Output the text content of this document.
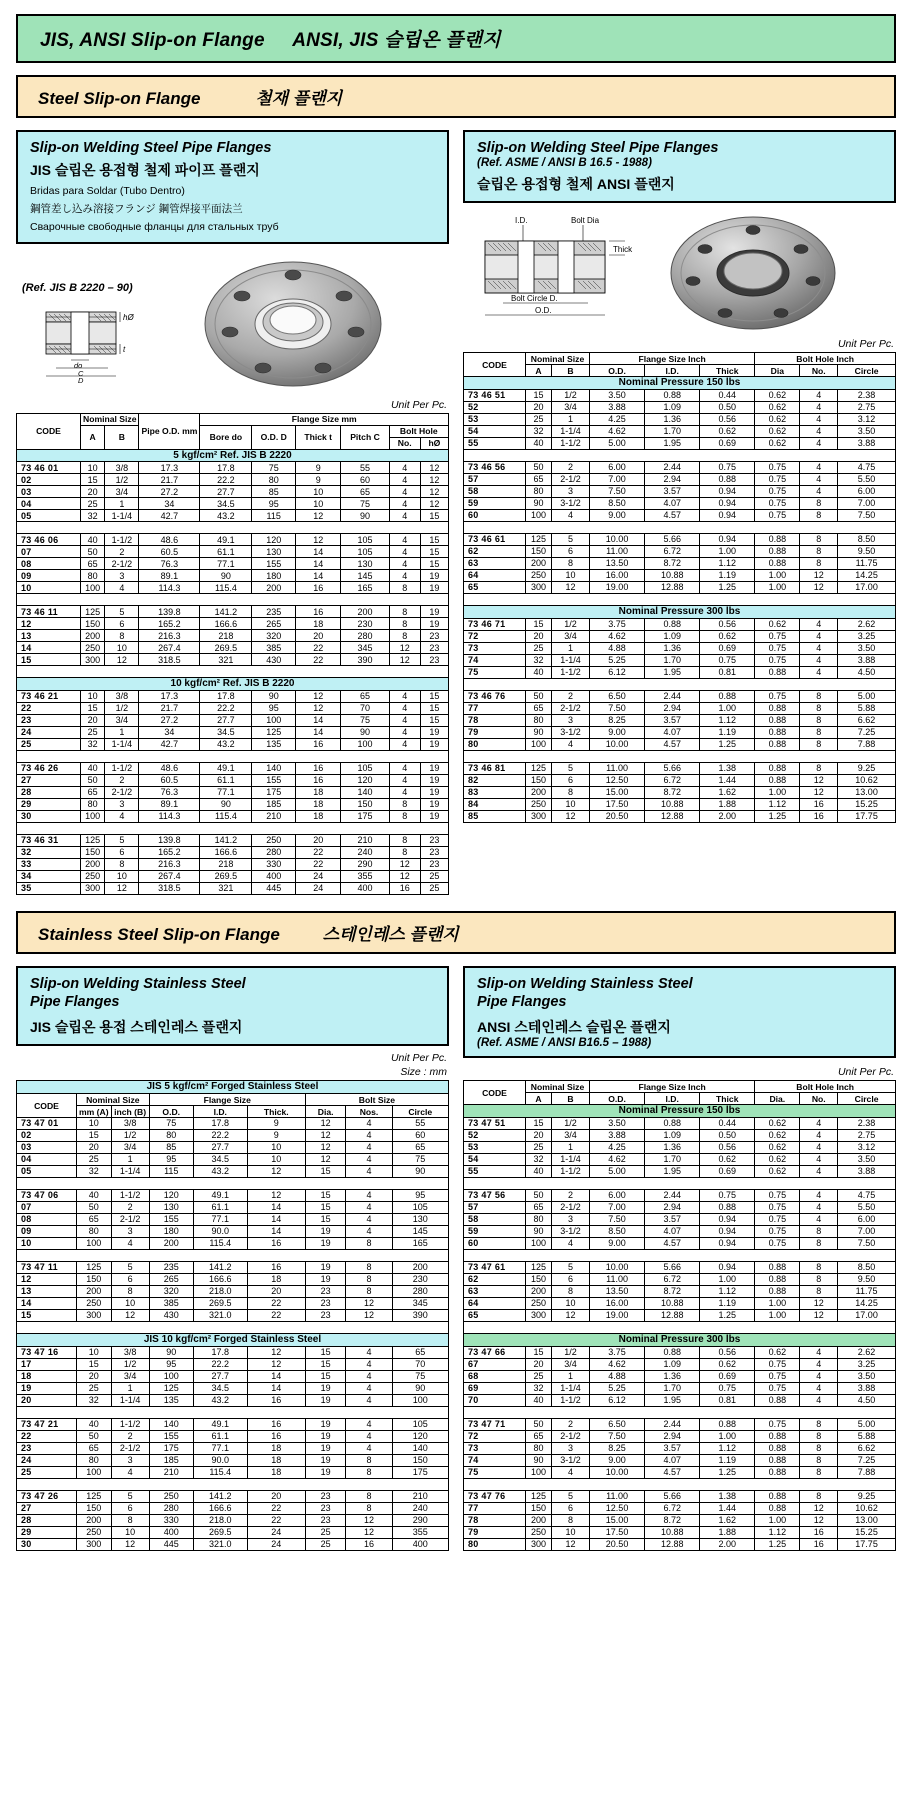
JIS, ANSI Slip-on Flange ANSI, JIS 슬립온 플랜지
Steel Slip-on Flange	철재 플랜지
Slip-on Welding Steel Pipe Flanges
JIS 슬립온 용접형 철제 파이프 플랜지
Bridas para Soldar (Tubo Dentro)
鋼管差し込み溶接フランジ 鋼管焊接平面法兰
Сварочные свободные фланцы для стальных труб
(Ref. JIS B 2220 – 90)
hØ
t
do
C
D
Unit Per Pc.
CODE	Nominal Size		Pipe O.D. mm	Flange Size mm					
	A	B		Bore do	O.D. D	Thick t	Pitch C	Bolt Hole	
								No.	hØ
5 kgf/cm² Ref. JIS B 2220									
73 46 01	10	3/8	17.3	17.8	75	9	55	4	12
02	15	1/2	21.7	22.2	80	9	60	4	12
03	20	3/4	27.2	27.7	85	10	65	4	12
04	25	1	34	34.5	95	10	75	4	12
05	32	1-1/4	42.7	43.2	115	12	90	4	15

73 46 06	40	1-1/2	48.6	49.1	120	12	105	4	15
07	50	2	60.5	61.1	130	14	105	4	15
08	65	2-1/2	76.3	77.1	155	14	130	4	15
09	80	3	89.1	90	180	14	145	4	19
10	100	4	114.3	115.4	200	16	165	8	19

73 46 11	125	5	139.8	141.2	235	16	200	8	19
12	150	6	165.2	166.6	265	18	230	8	19
13	200	8	216.3	218	320	20	280	8	23
14	250	10	267.4	269.5	385	22	345	12	23
15	300	12	318.5	321	430	22	390	12	23

10 kgf/cm² Ref. JIS B 2220									
73 46 21	10	3/8	17.3	17.8	90	12	65	4	15
22	15	1/2	21.7	22.2	95	12	70	4	15
23	20	3/4	27.2	27.7	100	14	75	4	15
24	25	1	34	34.5	125	14	90	4	19
25	32	1-1/4	42.7	43.2	135	16	100	4	19

73 46 26	40	1-1/2	48.6	49.1	140	16	105	4	19
27	50	2	60.5	61.1	155	16	120	4	19
28	65	2-1/2	76.3	77.1	175	18	140	4	19
29	80	3	89.1	90	185	18	150	8	19
30	100	4	114.3	115.4	210	18	175	8	19

73 46 31	125	5	139.8	141.2	250	20	210	8	23
32	150	6	165.2	166.6	280	22	240	8	23
33	200	8	216.3	218	330	22	290	12	23
34	250	10	267.4	269.5	400	24	355	12	25
35	300	12	318.5	321	445	24	400	16	25
Slip-on Welding Steel Pipe Flanges
(Ref. ASME / ANSI B 16.5 - 1988)
슬립온 용접형 철제 ANSI 플랜지
I.D.	Bolt Dia
Thick
Bolt Circle D.
O.D.
Unit Per Pc.
CODE	Nominal Size		Flange Size Inch			Bolt Hole Inch		
	A	B	O.D.	I.D.	Thick	Dia	No.	Circle

Nominal Pressure 150 lbs								
73 46 51	15	1/2	3.50	0.88	0.44	0.62	4	2.38
52	20	3/4	3.88	1.09	0.50	0.62	4	2.75
53	25	1	4.25	1.36	0.56	0.62	4	3.12
54	32	1-1/4	4.62	1.70	0.62	0.62	4	3.50
55	40	1-1/2	5.00	1.95	0.69	0.62	4	3.88

73 46 56	50	2	6.00	2.44	0.75	0.75	4	4.75
57	65	2-1/2	7.00	2.94	0.88	0.75	4	5.50
58	80	3	7.50	3.57	0.94	0.75	4	6.00
59	90	3-1/2	8.50	4.07	0.94	0.75	8	7.00
60	100	4	9.00	4.57	0.94	0.75	8	7.50

73 46 61	125	5	10.00	5.66	0.94	0.88	8	8.50
62	150	6	11.00	6.72	1.00	0.88	8	9.50
63	200	8	13.50	8.72	1.12	0.88	8	11.75
64	250	10	16.00	10.88	1.19	1.00	12	14.25
65	300	12	19.00	12.88	1.25	1.00	12	17.00

Nominal Pressure 300 lbs								
73 46 71	15	1/2	3.75	0.88	0.56	0.62	4	2.62
72	20	3/4	4.62	1.09	0.62	0.75	4	3.25
73	25	1	4.88	1.36	0.69	0.75	4	3.50
74	32	1-1/4	5.25	1.70	0.75	0.75	4	3.88
75	40	1-1/2	6.12	1.95	0.81	0.88	4	4.50

73 46 76	50	2	6.50	2.44	0.88	0.75	8	5.00
77	65	2-1/2	7.50	2.94	1.00	0.88	8	5.88
78	80	3	8.25	3.57	1.12	0.88	8	6.62
79	90	3-1/2	9.00	4.07	1.19	0.88	8	7.25
80	100	4	10.00	4.57	1.25	0.88	8	7.88

73 46 81	125	5	11.00	5.66	1.38	0.88	8	9.25
82	150	6	12.50	6.72	1.44	0.88	12	10.62
83	200	8	15.00	8.72	1.62	1.00	12	13.00
84	250	10	17.50	10.88	1.88	1.12	16	15.25
85	300	12	20.50	12.88	2.00	1.25	16	17.75
Stainless Steel Slip-on Flange	스테인레스 플랜지
Slip-on Welding Stainless Steel
Pipe Flanges
JIS 슬립온 용접 스테인레스 플랜지
Unit Per Pc.
Size : mm
JIS 5 kgf/cm² Forged Stainless Steel								
CODE	Nominal Size		Flange Size			Bolt Size		
	mm (A)	inch (B)	O.D.	I.D.	Thick.	Dia.	Nos.	Circle
73 47 01	10	3/8	75	17.8	9	12	4	55
02	15	1/2	80	22.2	9	12	4	60
03	20	3/4	85	27.7	10	12	4	65
04	25	1	95	34.5	10	12	4	75
05	32	1-1/4	115	43.2	12	15	4	90

73 47 06	40	1-1/2	120	49.1	12	15	4	95
07	50	2	130	61.1	14	15	4	105
08	65	2-1/2	155	77.1	14	15	4	130
09	80	3	180	90.0	14	19	4	145
10	100	4	200	115.4	16	19	8	165

73 47 11	125	5	235	141.2	16	19	8	200
12	150	6	265	166.6	18	19	8	230
13	200	8	320	218.0	20	23	8	280
14	250	10	385	269.5	22	23	12	345
15	300	12	430	321.0	22	23	12	390

JIS 10 kgf/cm² Forged Stainless Steel								
73 47 16	10	3/8	90	17.8	12	15	4	65
17	15	1/2	95	22.2	12	15	4	70
18	20	3/4	100	27.7	14	15	4	75
19	25	1	125	34.5	14	19	4	90
20	32	1-1/4	135	43.2	16	19	4	100

73 47 21	40	1-1/2	140	49.1	16	19	4	105
22	50	2	155	61.1	16	19	4	120
23	65	2-1/2	175	77.1	18	19	4	140
24	80	3	185	90.0	18	19	8	150
25	100	4	210	115.4	18	19	8	175

73 47 26	125	5	250	141.2	20	23	8	210
27	150	6	280	166.6	22	23	8	240
28	200	8	330	218.0	22	23	12	290
29	250	10	400	269.5	24	25	12	355
30	300	12	445	321.0	24	25	16	400
Slip-on Welding Stainless Steel
Pipe Flanges
ANSI 스테인레스 슬립온 플랜지
(Ref. ASME / ANSI B16.5 – 1988)
Unit Per Pc.
CODE	Nominal Size		Flange Size Inch			Bolt Hole Inch		
	A	B	O.D.	I.D.	Thick	Dia.	No.	Circle

Nominal Pressure 150 lbs								
73 47 51	15	1/2	3.50	0.88	0.44	0.62	4	2.38
52	20	3/4	3.88	1.09	0.50	0.62	4	2.75
53	25	1	4.25	1.36	0.56	0.62	4	3.12
54	32	1-1/4	4.62	1.70	0.62	0.62	4	3.50
55	40	1-1/2	5.00	1.95	0.69	0.62	4	3.88

73 47 56	50	2	6.00	2.44	0.75	0.75	4	4.75
57	65	2-1/2	7.00	2.94	0.88	0.75	4	5.50
58	80	3	7.50	3.57	0.94	0.75	4	6.00
59	90	3-1/2	8.50	4.07	0.94	0.75	8	7.00
60	100	4	9.00	4.57	0.94	0.75	8	7.50

73 47 61	125	5	10.00	5.66	0.94	0.88	8	8.50
62	150	6	11.00	6.72	1.00	0.88	8	9.50
63	200	8	13.50	8.72	1.12	0.88	8	11.75
64	250	10	16.00	10.88	1.19	1.00	12	14.25
65	300	12	19.00	12.88	1.25	1.00	12	17.00

Nominal Pressure 300 lbs								
73 47 66	15	1/2	3.75	0.88	0.56	0.62	4	2.62
67	20	3/4	4.62	1.09	0.62	0.75	4	3.25
68	25	1	4.88	1.36	0.69	0.75	4	3.50
69	32	1-1/4	5.25	1.70	0.75	0.75	4	3.88
70	40	1-1/2	6.12	1.95	0.81	0.88	4	4.50

73 47 71	50	2	6.50	2.44	0.88	0.75	8	5.00
72	65	2-1/2	7.50	2.94	1.00	0.88	8	5.88
73	80	3	8.25	3.57	1.12	0.88	8	6.62
74	90	3-1/2	9.00	4.07	1.19	0.88	8	7.25
75	100	4	10.00	4.57	1.25	0.88	8	7.88

73 47 76	125	5	11.00	5.66	1.38	0.88	8	9.25
77	150	6	12.50	6.72	1.44	0.88	12	10.62
78	200	8	15.00	8.72	1.62	1.00	12	13.00
79	250	10	17.50	10.88	1.88	1.12	16	15.25
80	300	12	20.50	12.88	2.00	1.25	16	17.75
